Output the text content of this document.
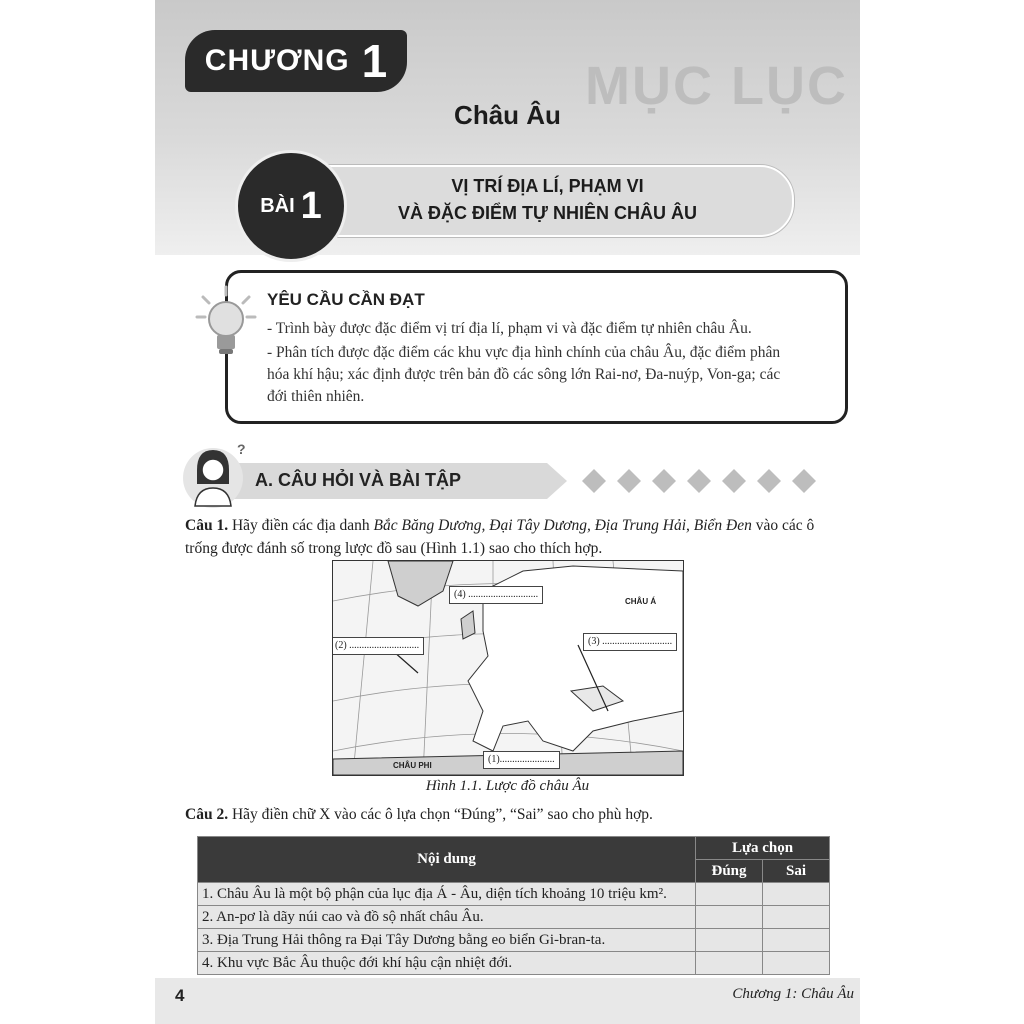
MỤC LỤC
CHƯƠNG 1
Châu Âu
VỊ TRÍ ĐỊA LÍ, PHẠM VI
VÀ ĐẶC ĐIỂM TỰ NHIÊN CHÂU ÂU
BÀI 1
YÊU CẦU CẦN ĐẠT
- Trình bày được đặc điểm vị trí địa lí, phạm vi và đặc điểm tự nhiên châu Âu.
- Phân tích được đặc điểm các khu vực địa hình chính của châu Âu, đặc điểm phân
hóa khí hậu; xác định được trên bản đồ các sông lớn Rai-nơ, Đa-nuýp, Von-ga; các
đới thiên nhiên.
?
A. CÂU HỎI VÀ BÀI TẬP
Câu 1. Hãy điền các địa danh Bắc Băng Dương, Đại Tây Dương, Địa Trung Hải, Biển Đen vào các ô
trống được đánh số trong lược đồ sau (Hình 1.1) sao cho thích hợp.
(4) ............................
(2) ............................	(3) ............................
(1)......................
CHÂU Á
CHÂU PHI
Hình 1.1. Lược đồ châu Âu
Câu 2. Hãy điền chữ X vào các ô lựa chọn “Đúng”, “Sai” sao cho phù hợp.
Nội dung	Lựa chọn	
	Đúng	Sai
1. Châu Âu là một bộ phận của lục địa Á - Âu, diện tích khoảng 10 triệu km².		
2. An-pơ là dãy núi cao và đồ sộ nhất châu Âu.		
3. Địa Trung Hải thông ra Đại Tây Dương bằng eo biển Gi-bran-ta.		
4. Khu vực Bắc Âu thuộc đới khí hậu cận nhiệt đới.		
4	Chương 1: Châu Âu
